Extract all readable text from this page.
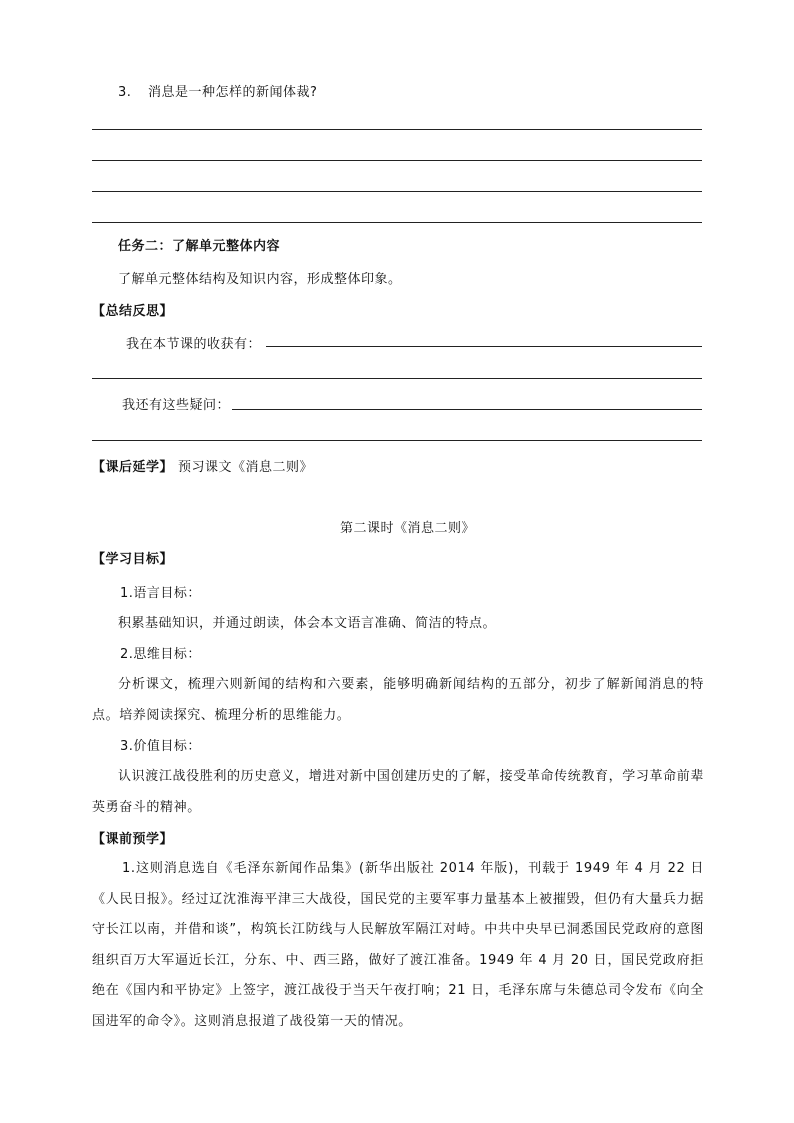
3. 消息是一种怎样的新闻体裁?
任务二：了解单元整体内容
了解单元整体结构及知识内容，形成整体印象。
【总结反思】
我在本节课的收获有：
我还有这些疑问：
【课后延学】 预习课文《消息二则》
第二课时《消息二则》
【学习目标】
1.语言目标：
积累基础知识，并通过朗读，体会本文语言准确、简洁的特点。
2.思维目标：
分析课文，梳理六则新闻的结构和六要素，能够明确新闻结构的五部分，初步了解新闻消息的特点。培养阅读探究、梳理分析的思维能力。
3.价值目标：
认识渡江战役胜利的历史意义，增进对新中国创建历史的了解，接受革命传统教育，学习革命前辈英勇奋斗的精神。
【课前预学】
1.这则消息选自《毛泽东新闻作品集》(新华出版社 2014 年版)，刊载于 1949 年 4 月 22 日《人民日报》。经过辽沈淮海平津三大战役，国民党的主要军事力量基本上被摧毁，但仍有大量兵力据守长江以南，并借和谈”，构筑长江防线与人民解放军隔江对峙。中共中央早已洞悉国民党政府的意图组织百万大军逼近长江，分东、中、西三路，做好了渡江准备。1949 年 4 月 20 日，国民党政府拒绝在《国内和平协定》上签字，渡江战役于当天午夜打响；21 日，毛泽东席与朱德总司令发布《向全国进军的命令》。这则消息报道了战役第一天的情况。
